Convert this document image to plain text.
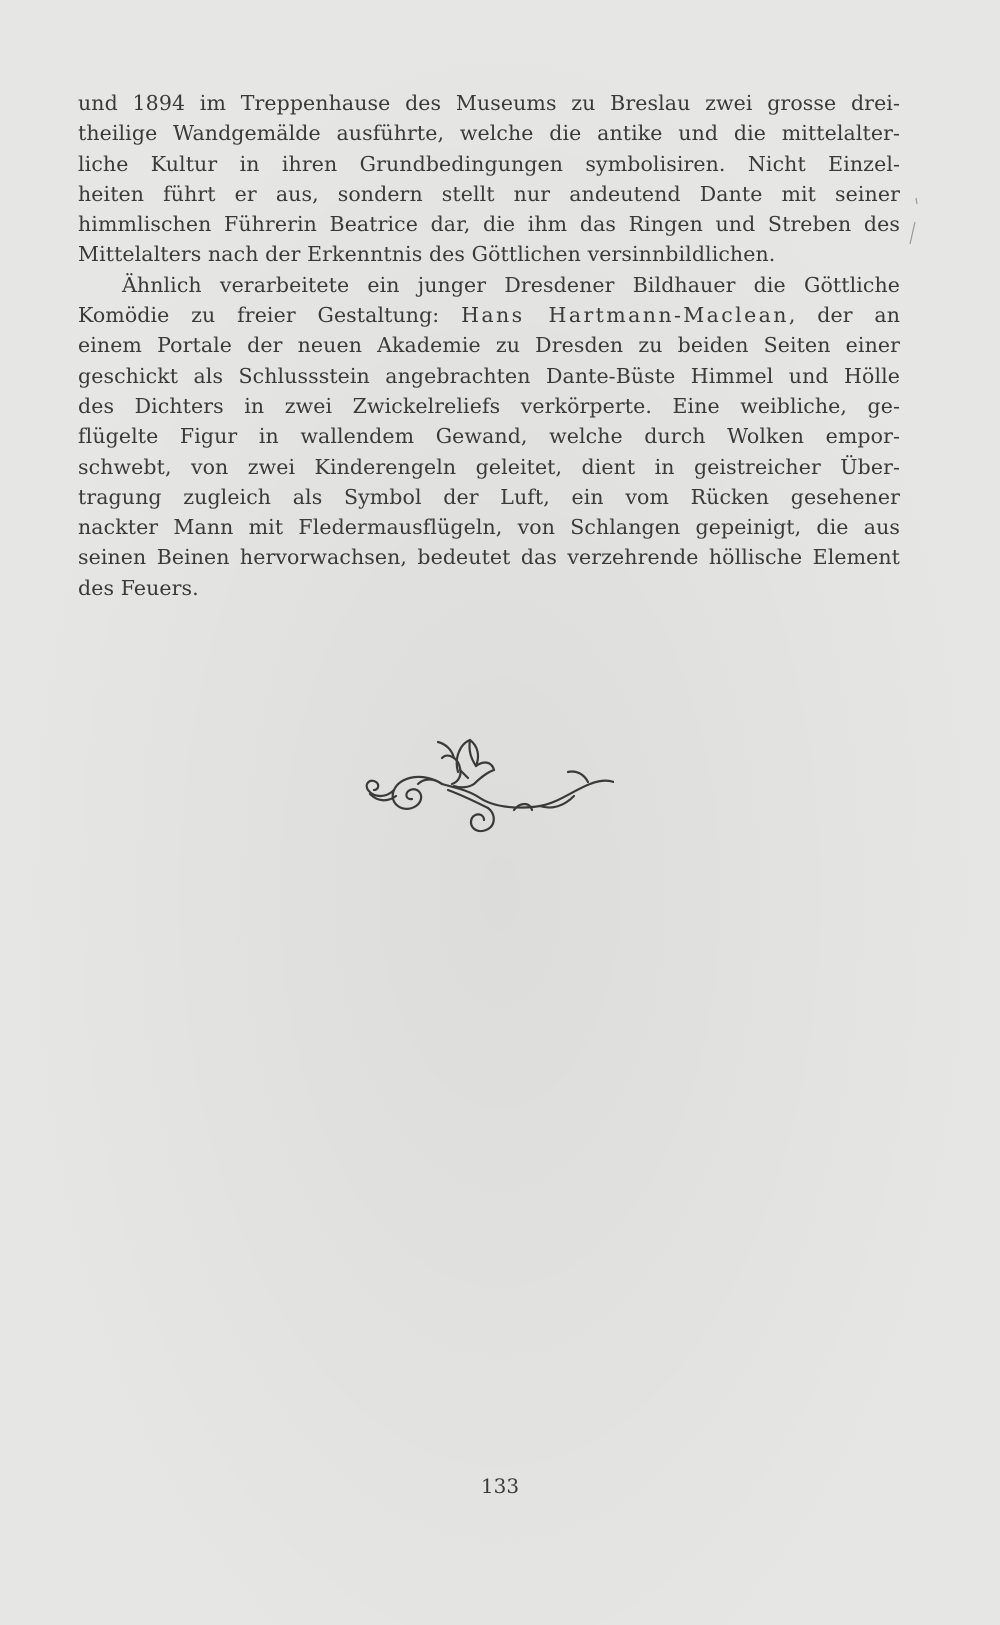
und 1894 im Treppenhause des Museums zu Breslau zwei grosse drei-
theilige Wandgemälde ausführte, welche die antike und die mittelalter-
liche Kultur in ihren Grundbedingungen symbolisiren. Nicht Einzel-
heiten führt er aus, sondern stellt nur andeutend Dante mit seiner
himmlischen Führerin Beatrice dar, die ihm das Ringen und Streben des
Mittelalters nach der Erkenntnis des Göttlichen versinnbildlichen.
Ähnlich verarbeitete ein junger Dresdener Bildhauer die Göttliche
Komödie zu freier Gestaltung: Hans Hartmann-Maclean, der an
einem Portale der neuen Akademie zu Dresden zu beiden Seiten einer
geschickt als Schlussstein angebrachten Dante-Büste Himmel und Hölle
des Dichters in zwei Zwickelreliefs verkörperte. Eine weibliche, ge-
flügelte Figur in wallendem Gewand, welche durch Wolken empor-
schwebt, von zwei Kinderengeln geleitet, dient in geistreicher Über-
tragung zugleich als Symbol der Luft, ein vom Rücken gesehener
nackter Mann mit Fledermausflügeln, von Schlangen gepeinigt, die aus
seinen Beinen hervorwachsen, bedeutet das verzehrende höllische Element
des Feuers.
133
